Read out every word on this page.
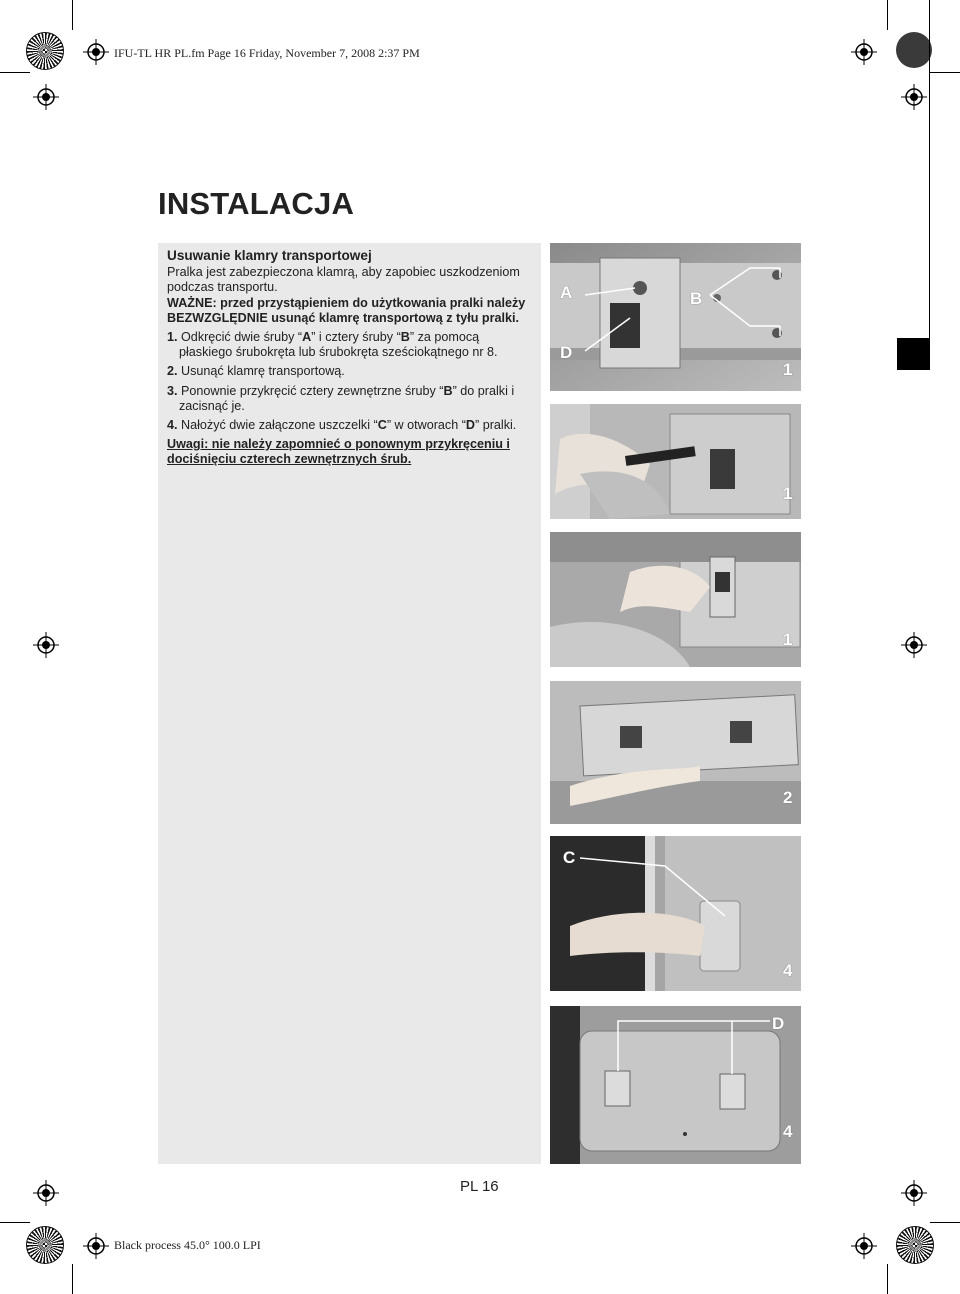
IFU-TL HR PL.fm Page 16 Friday, November 7, 2008 2:37 PM
Black process 45.0° 100.0 LPI
INSTALACJA

Usuwanie klamry transportowej

Pralka jest zabezpieczona klamrą, aby zapobiec uszkodzeniom podczas transportu.

WAŻNE: przed przystąpieniem do użytkowania pralki należy BEZWZGLĘDNIE usunąć klamrę transportową z tyłu pralki.

1. Odkręcić dwie śruby “A” i cztery śruby “B” za pomocą płaskiego śrubokręta lub śrubokręta sześciokątnego nr 8.

2. Usunąć klamrę transportową.

3. Ponownie przykręcić cztery zewnętrzne śruby “B” do pralki i zacisnąć je.

4. Nałożyć dwie załączone uszczelki “C” w otworach “D” pralki.

Uwagi: nie należy zapomnieć o ponownym przykręceniu i dociśnięciu czterech zewnętrznych śrub.

A	B
D
1
1
1
2
C
4
D
4
PL 16
